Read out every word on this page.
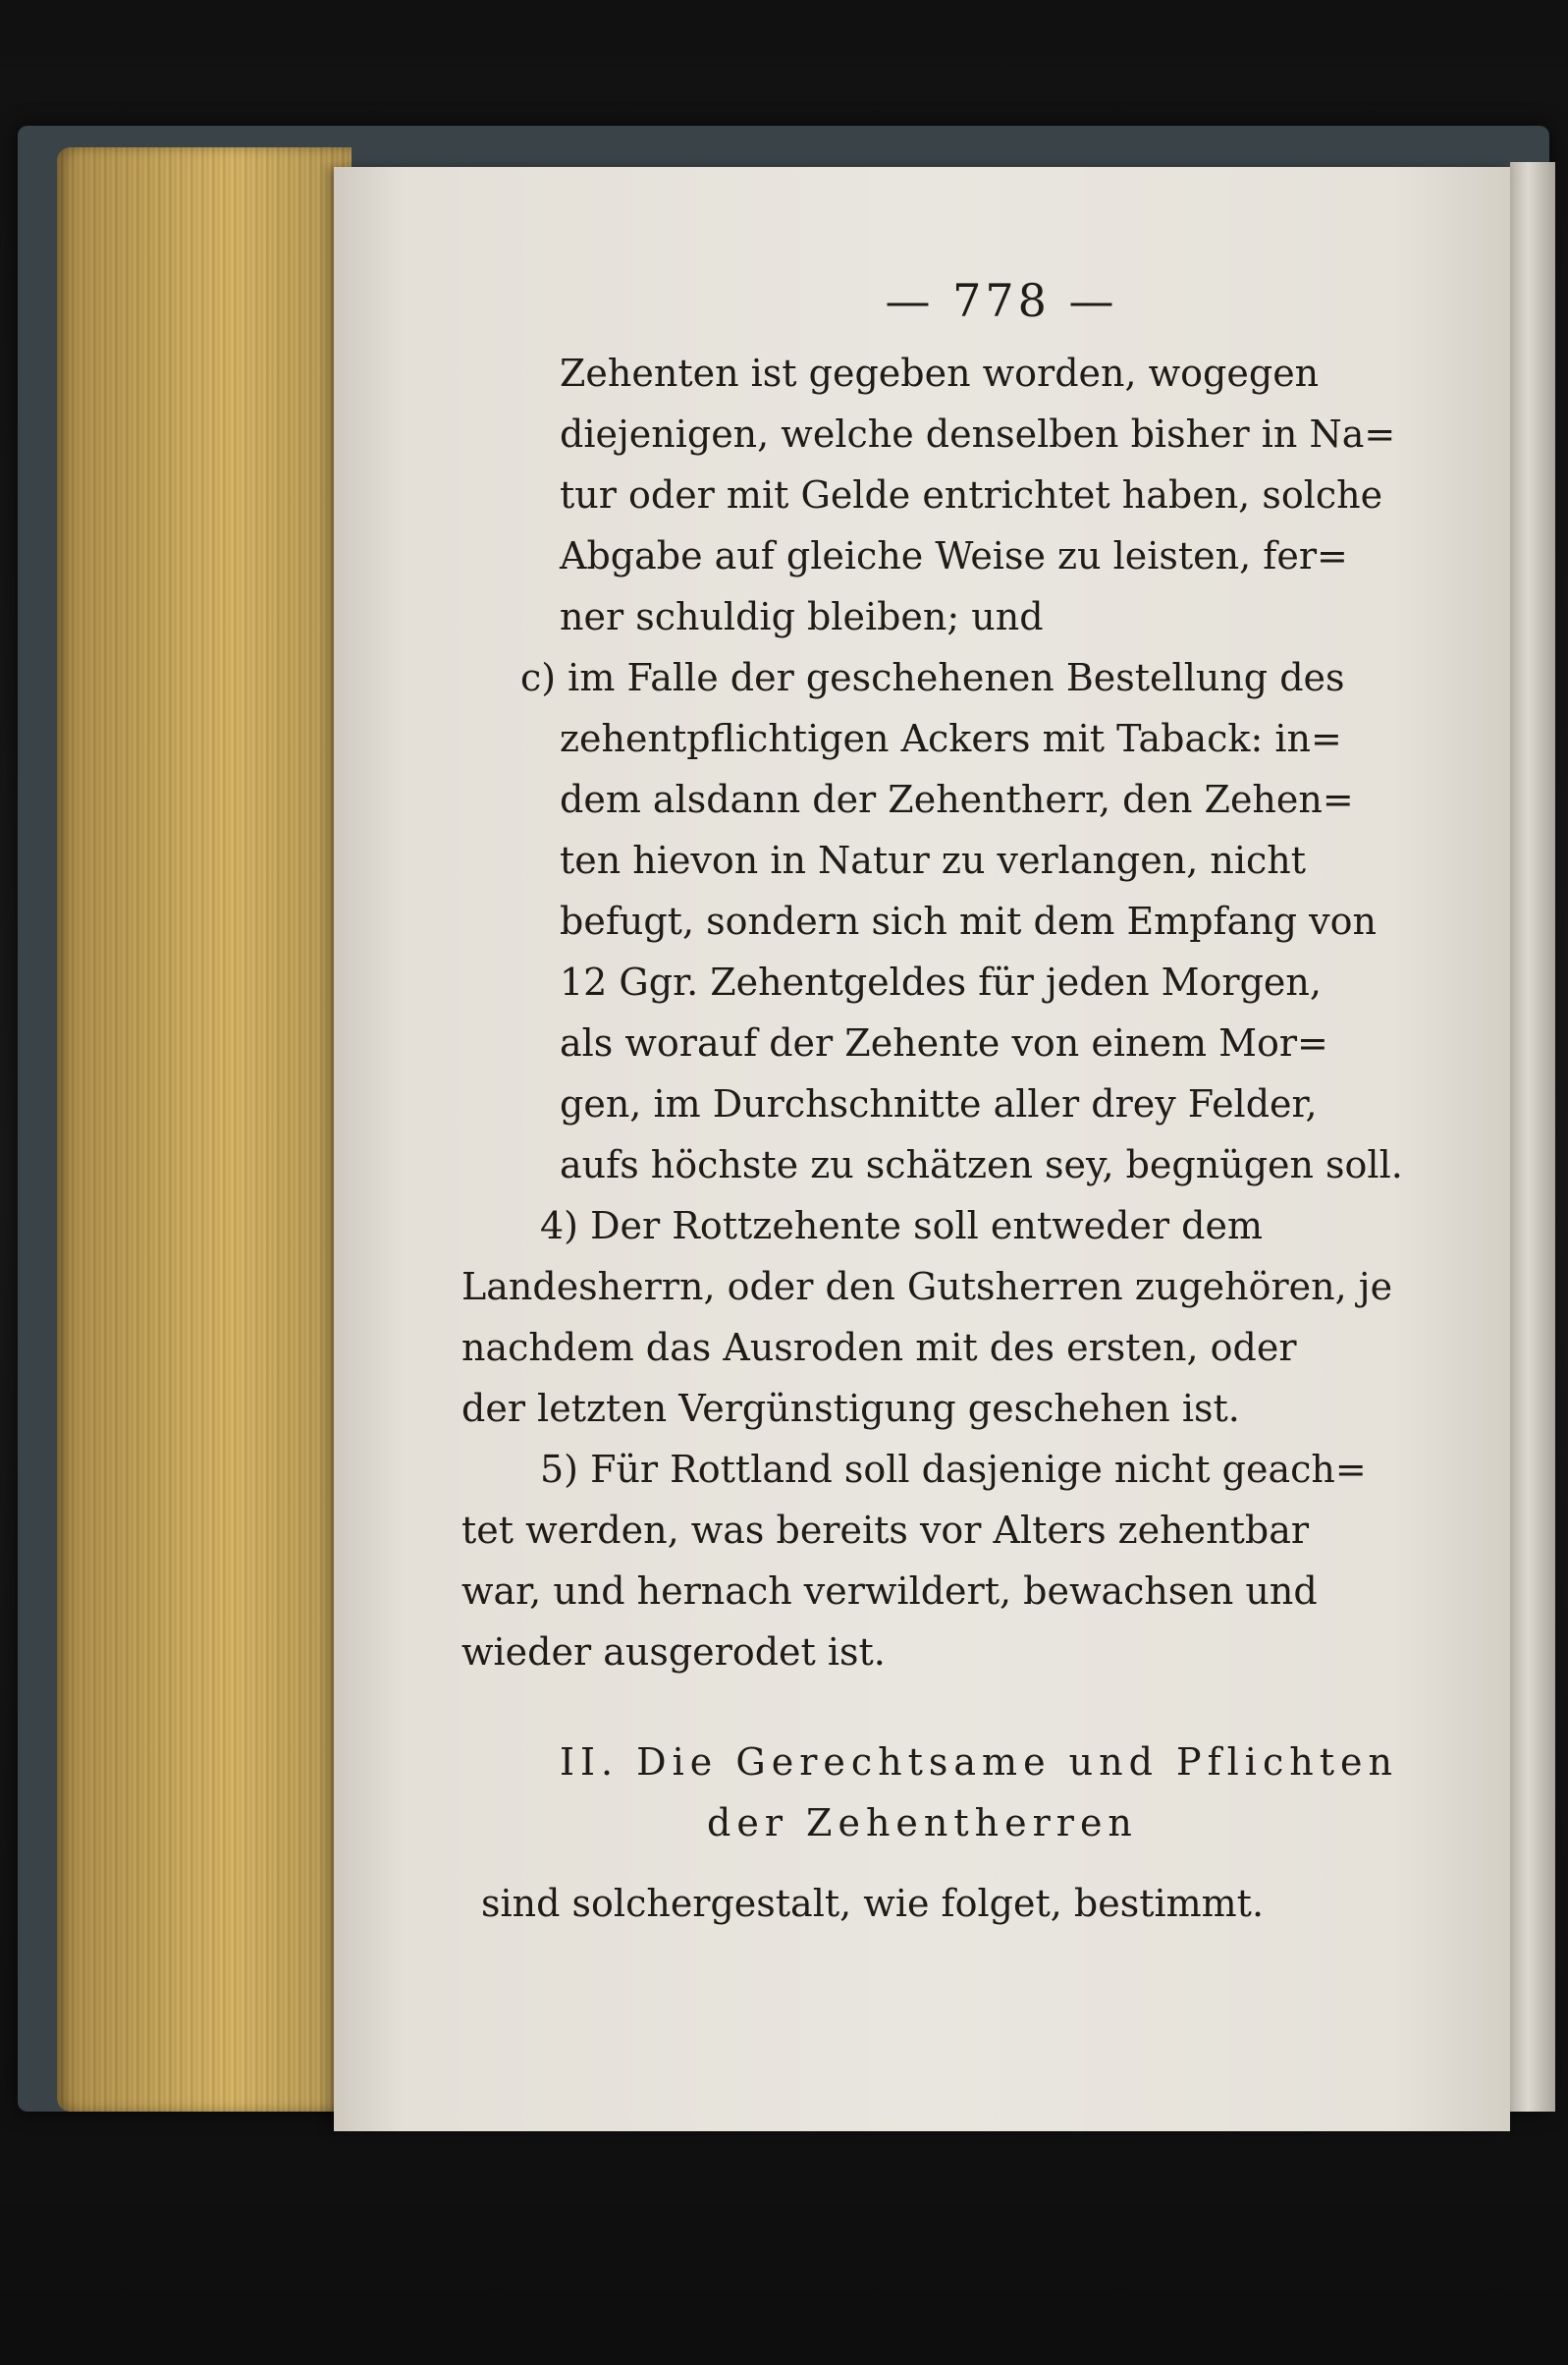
— 778 —
Zehenten ist gegeben worden, wogegen
diejenigen, welche denselben bisher in Na=
tur oder mit Gelde entrichtet haben, solche
Abgabe auf gleiche Weise zu leisten, fer=
ner schuldig bleiben; und
c) im Falle der geschehenen Bestellung des
zehentpflichtigen Ackers mit Taback: in=
dem alsdann der Zehentherr, den Zehen=
ten hievon in Natur zu verlangen, nicht
befugt, sondern sich mit dem Empfang von
12 Ggr. Zehentgeldes für jeden Morgen,
als worauf der Zehente von einem Mor=
gen, im Durchschnitte aller drey Felder,
aufs höchste zu schätzen sey, begnügen soll.
4) Der Rottzehente soll entweder dem
Landesherrn, oder den Gutsherren zugehören, je
nachdem das Ausroden mit des ersten, oder
der letzten Vergünstigung geschehen ist.
5) Für Rottland soll dasjenige nicht geach=
tet werden, was bereits vor Alters zehentbar
war, und hernach verwildert, bewachsen und
wieder ausgerodet ist.
II. Die Gerechtsame und Pflichten
der Zehentherren
sind solchergestalt, wie folget, bestimmt.
